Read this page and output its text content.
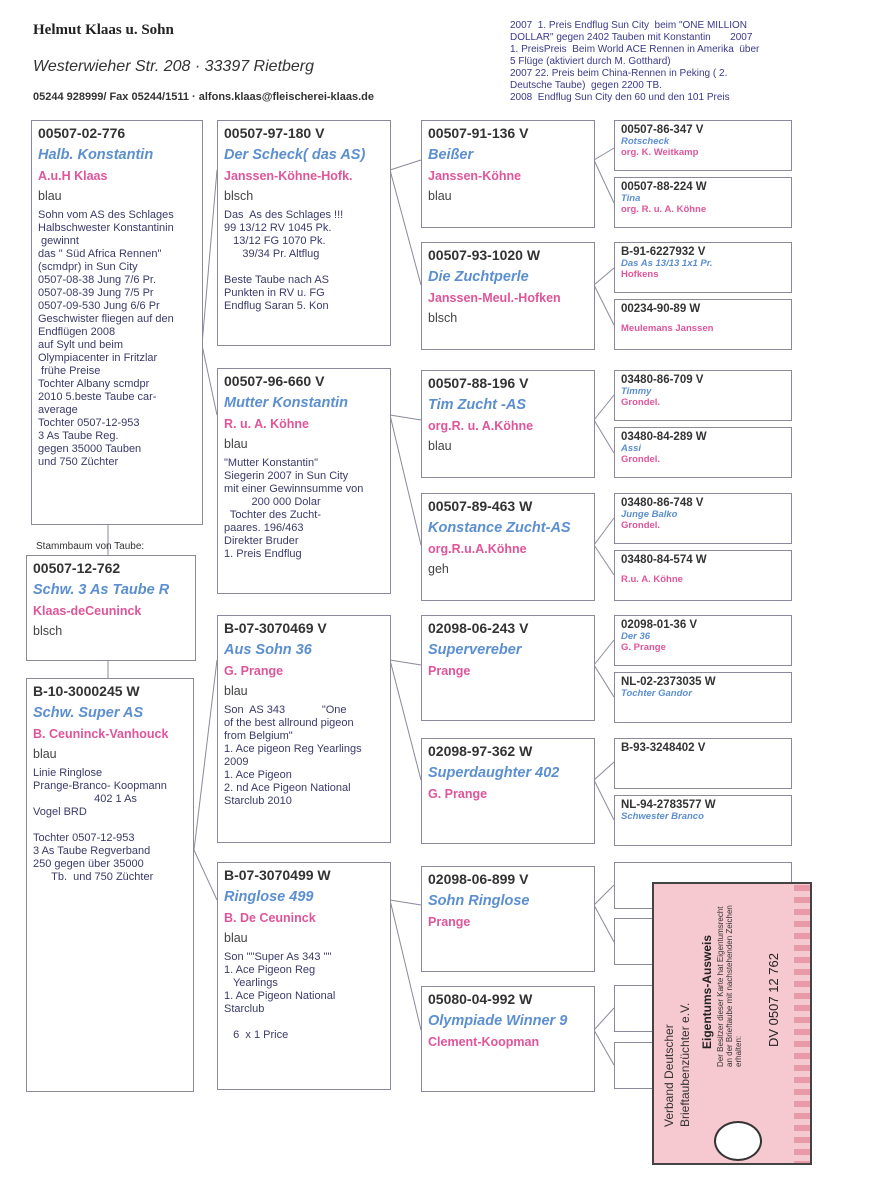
Helmut Klaas u. Sohn
Westerwieher Str. 208 · 33397 Rietberg
05244 928999/ Fax 05244/1511 · alfons.klaas@fleischerei-klaas.de
2007  1. Preis Endflug Sun City  beim "ONE MILLION
DOLLAR" gegen 2402 Tauben mit Konstantin       2007
1. PreisPreis  Beim World ACE Rennen in Amerika  über
5 Flüge (aktiviert durch M. Gotthard)
2007 22. Preis beim China-Rennen in Peking ( 2.
Deutsche Taube)  gegen 2200 TB.
2008  Endflug Sun City den 60 und den 101 Preis
00507-02-776
Halb. Konstantin
A.u.H Klaas
blau
Sohn vom AS des Schlages
Halbschwester Konstantinin
gewinnt
das " Süd Africa Rennen"
(scmdpr) in Sun City
0507-08-38 Jung 7/6 Pr.
0507-08-39 Jung 7/5 Pr
0507-09-530 Jung 6/6 Pr
Geschwister fliegen auf den
Endflügen 2008
auf Sylt und beim
Olympiacenter in Fritzlar
frühe Preise
Tochter Albany scmdpr
2010 5.beste Taube car-
average
Tochter 0507-12-953
3 As Taube Reg.
gegen 35000 Tauben
und 750 Züchter
Stammbaum von Taube:
00507-12-762
Schw. 3 As Taube R
Klaas-deCeuninck
blsch
B-10-3000245 W
Schw. Super AS
B. Ceuninck-Vanhouck
blau
Linie Ringlose
Prange-Branco- Koopmann
402 1 As
Vogel BRD

Tochter 0507-12-953
3 As Taube Regverband
250 gegen über 35000
Tb.  und 750 Züchter
00507-97-180 V
Der Scheck( das AS)
Janssen-Köhne-Hofk.
blsch
Das  As des Schlages !!!
99 13/12 RV 1045 Pk.
13/12 FG 1070 Pk.
39/34 Pr. Altflug

Beste Taube nach AS
Punkten in RV u. FG
Endflug Saran 5. Kon
00507-96-660 V
Mutter Konstantin
R. u. A. Köhne
blau
"Mutter Konstantin"
Siegerin 2007 in Sun City
mit einer Gewinnsumme von
200 000 Dolar
Tochter des Zucht-
paares. 196/463
Direkter Bruder
1. Preis Endflug
B-07-3070469 V
Aus Sohn 36
G. Prange
blau
Son  AS 343            "One
of the best allround pigeon
from Belgium"
1. Ace pigeon Reg Yearlings
2009
1. Ace Pigeon
2. nd Ace Pigeon National
Starclub 2010
B-07-3070499 W
Ringlose 499
B. De Ceuninck
blau
Son ""Super As 343 ""
1. Ace Pigeon Reg
Yearlings
1. Ace Pigeon National
Starclub

6  x 1 Price
00507-91-136 V
Beißer
Janssen-Köhne
blau
00507-93-1020 W
Die Zuchtperle
Janssen-Meul.-Hofken
blsch
00507-88-196 V
Tim Zucht -AS
org.R. u. A.Köhne
blau
00507-89-463 W
Konstance Zucht-AS
org.R.u.A.Köhne
geh
02098-06-243 V
Supervereber
Prange
02098-97-362 W
Superdaughter 402
G. Prange
02098-06-899 V
Sohn Ringlose
Prange
05080-04-992 W
Olympiade Winner 9
Clement-Koopman
00507-86-347 V
Rotscheck
org. K. Weitkamp
00507-88-224 W
Tina
org. R. u. A. Köhne
B-91-6227932 V
Das As 13/13 1x1 Pr.
Hofkens
00234-90-89 W
Meulemans Janssen
03480-86-709 V
Timmy
Grondel.
03480-84-289 W
Assi
Grondel.
03480-86-748 V
Junge Balko
Grondel.
03480-84-574 W
R.u. A. Köhne
02098-01-36 V
Der 36
G. Prange
NL-02-2373035 W
Tochter Gandor
B-93-3248402 V
NL-94-2783577 W
Schwester Branco
Verband Deutscher Brieftaubenzüchter e.V.
Eigentums-Ausweis Der Besitzer dieser Karte hat Eigentumsrecht an der Brieftaube mit nachstehenden Zeichen erhalten:
DV 0507 12 762
